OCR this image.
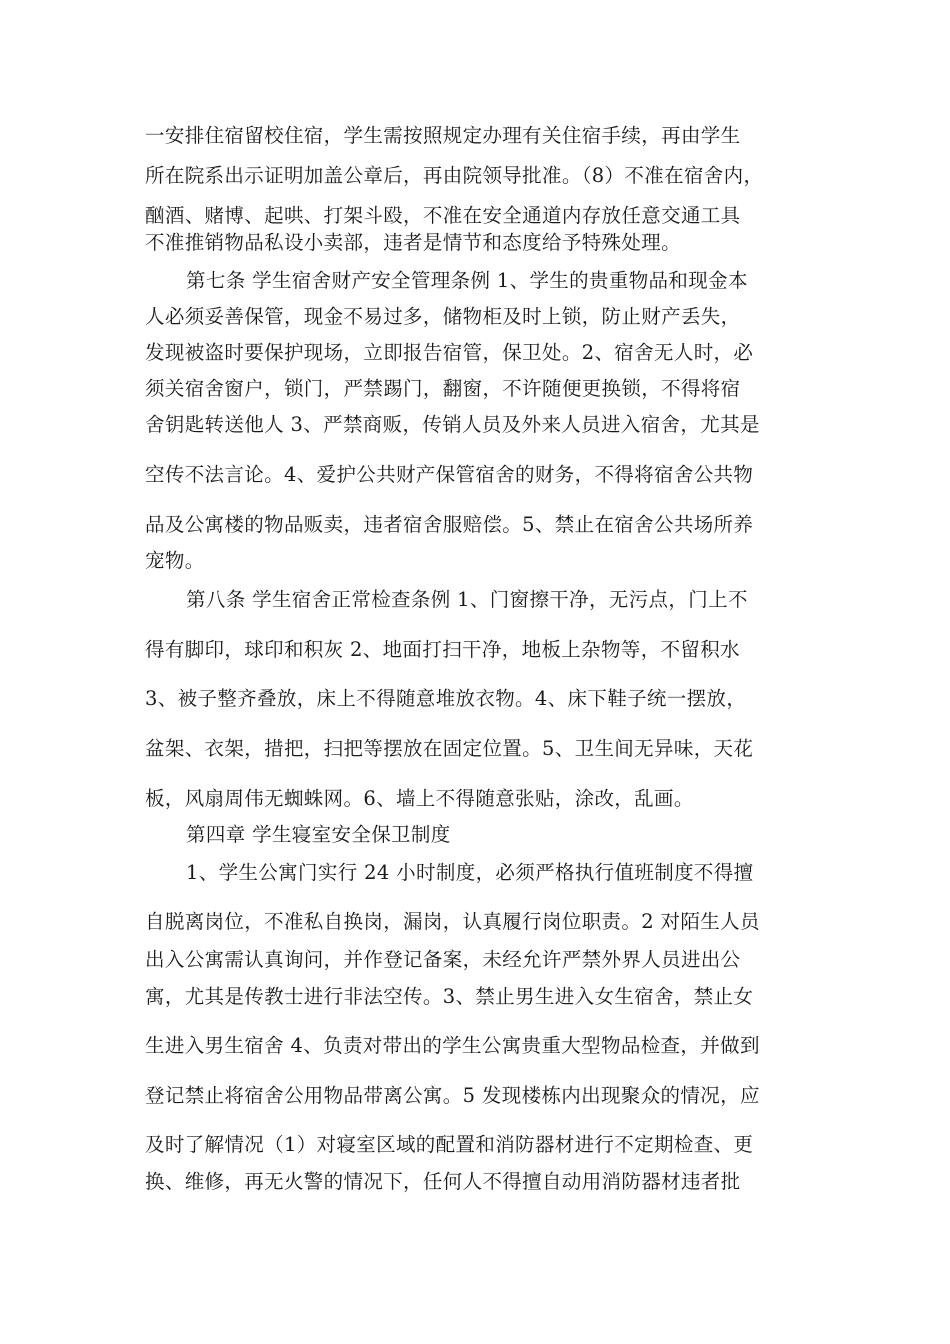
一安排住宿留校住宿，学生需按照规定办理有关住宿手续，再由学生
所在院系出示证明加盖公章后，再由院领导批准。（8）不准在宿舍内，
酗酒、赌博、起哄、打架斗殴，不准在安全通道内存放任意交通工具
不准推销物品私设小卖部，违者是情节和态度给予特殊处理。
第七条 学生宿舍财产安全管理条例 1、学生的贵重物品和现金本
人必须妥善保管，现金不易过多，储物柜及时上锁，防止财产丢失，
发现被盗时要保护现场，立即报告宿管，保卫处。2、宿舍无人时，必
须关宿舍窗户，锁门，严禁踢门，翻窗，不许随便更换锁，不得将宿
舍钥匙转送他人 3、严禁商贩，传销人员及外来人员进入宿舍，尤其是
空传不法言论。4、爱护公共财产保管宿舍的财务，不得将宿舍公共物
品及公寓楼的物品贩卖，违者宿舍服赔偿。5、禁止在宿舍公共场所养
宠物。
第八条 学生宿舍正常检查条例 1、门窗擦干净，无污点，门上不
得有脚印，球印和积灰 2、地面打扫干净，地板上杂物等，不留积水
3、被子整齐叠放，床上不得随意堆放衣物。4、床下鞋子统一摆放，
盆架、衣架，措把，扫把等摆放在固定位置。5、卫生间无异味，天花
板，风扇周伟无蜘蛛网。6、墙上不得随意张贴，涂改，乱画。
第四章 学生寝室安全保卫制度
1、学生公寓门实行 24 小时制度，必须严格执行值班制度不得擅
自脱离岗位，不准私自换岗，漏岗，认真履行岗位职责。2 对陌生人员
出入公寓需认真询问，并作登记备案，未经允许严禁外界人员进出公
寓，尤其是传教士进行非法空传。3、禁止男生进入女生宿舍，禁止女
生进入男生宿舍 4、负责对带出的学生公寓贵重大型物品检查，并做到
登记禁止将宿舍公用物品带离公寓。5 发现楼栋内出现聚众的情况，应
及时了解情况（1）对寝室区域的配置和消防器材进行不定期检查、更
换、维修，再无火警的情况下，任何人不得擅自动用消防器材违者批
